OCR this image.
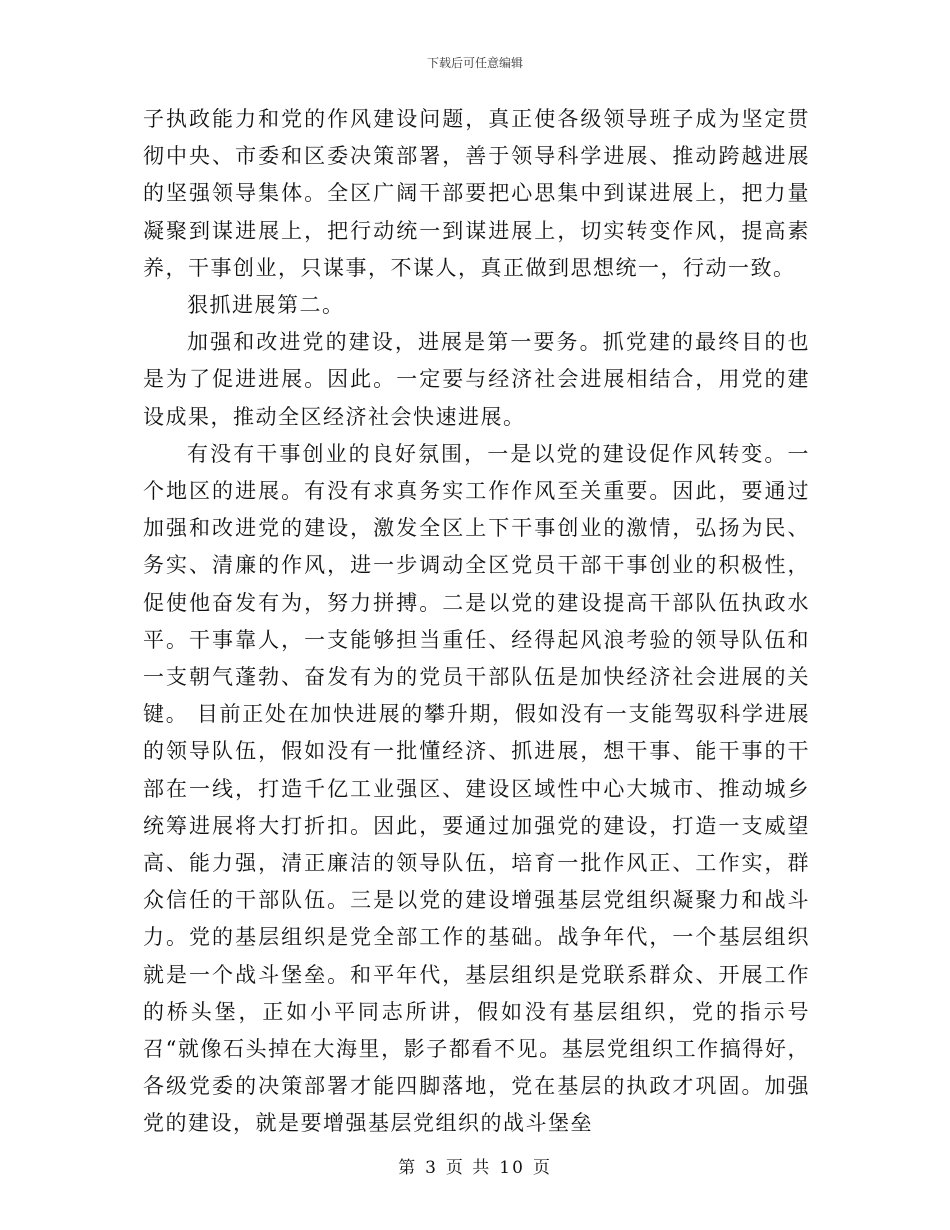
下载后可任意编辑

子执政能力和党的作风建设问题，真正使各级领导班子成为坚定贯彻中央、市委和区委决策部署，善于领导科学进展、推动跨越进展的坚强领导集体。全区广阔干部要把心思集中到谋进展上，把力量凝聚到谋进展上，把行动统一到谋进展上，切实转变作风，提高素养，干事创业，只谋事，不谋人，真正做到思想统一，行动一致。

狠抓进展第二。

加强和改进党的建设，进展是第一要务。抓党建的最终目的也是为了促进进展。因此。一定要与经济社会进展相结合，用党的建设成果，推动全区经济社会快速进展。

有没有干事创业的良好氛围，一是以党的建设促作风转变。一个地区的进展。有没有求真务实工作作风至关重要。因此，要通过加强和改进党的建设，激发全区上下干事创业的激情，弘扬为民、务实、清廉的作风，进一步调动全区党员干部干事创业的积极性，促使他奋发有为，努力拼搏。二是以党的建设提高干部队伍执政水平。干事靠人，一支能够担当重任、经得起风浪考验的领导队伍和一支朝气蓬勃、奋发有为的党员干部队伍是加快经济社会进展的关键。 目前正处在加快进展的攀升期，假如没有一支能驾驭科学进展的领导队伍，假如没有一批懂经济、抓进展，想干事、能干事的干部在一线，打造千亿工业强区、建设区域性中心大城市、推动城乡统筹进展将大打折扣。因此，要通过加强党的建设，打造一支威望高、能力强，清正廉洁的领导队伍，培育一批作风正、工作实，群众信任的干部队伍。三是以党的建设增强基层党组织凝聚力和战斗力。党的基层组织是党全部工作的基础。战争年代，一个基层组织就是一个战斗堡垒。和平年代，基层组织是党联系群众、开展工作的桥头堡，正如小平同志所讲，假如没有基层组织，党的指示号召“就像石头掉在大海里，影子都看不见。基层党组织工作搞得好，各级党委的决策部署才能四脚落地，党在基层的执政才巩固。加强党的建设，就是要增强基层党组织的战斗堡垒

第 3 页 共 10 页
